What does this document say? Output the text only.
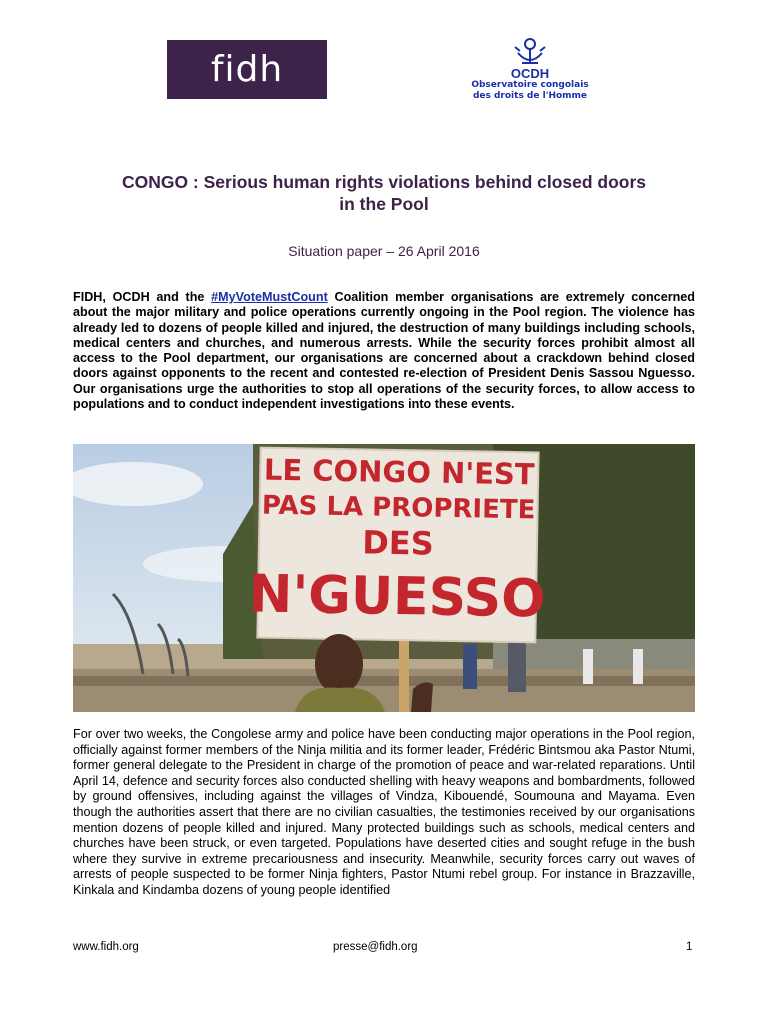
fidh	OCDH
Observatoire congolais
des droits de l'Homme
CONGO : Serious human rights violations behind closed doors
in the Pool
Situation paper – 26 April 2016

FIDH, OCDH and the #MyVoteMustCount Coalition member organisations are extremely concerned about the major military and police operations currently ongoing in the Pool region. The violence has already led to dozens of people killed and injured, the destruction of many buildings including schools, medical centers and churches, and numerous arrests. While the security forces prohibit almost all access to the Pool department, our organisations are concerned about a crackdown behind closed doors against opponents to the recent and contested re-election of President Denis Sassou Nguesso. Our organisations urge the authorities to stop all operations of the security forces, to allow access to populations and to conduct independent investigations into these events.

LE CONGO N'EST
PAS LA PROPRIETE
DES
N'GUESSO

For over two weeks, the Congolese army and police have been conducting major operations in the Pool region, officially against former members of the Ninja militia and its former leader, Frédéric Bintsmou aka Pastor Ntumi, former general delegate to the President in charge of the promotion of peace and war-related reparations. Until April 14, defence and security forces also conducted shelling with heavy weapons and bombardments, followed by ground offensives, including against the villages of Vindza, Kibouendé, Soumouna and Mayama. Even though the authorities assert that there are no civilian casualties, the testimonies received by our organisations mention dozens of people killed and injured. Many protected buildings such as schools, medical centers and churches have been struck, or even targeted. Populations have deserted cities and sought refuge in the bush where they survive in extreme precariousness and insecurity. Meanwhile, security forces carry out waves of arrests of people suspected to be former Ninja fighters, Pastor Ntumi rebel group. For instance in Brazzaville, Kinkala and Kindamba dozens of young people identified

www.fidh.org	presse@fidh.org	1
